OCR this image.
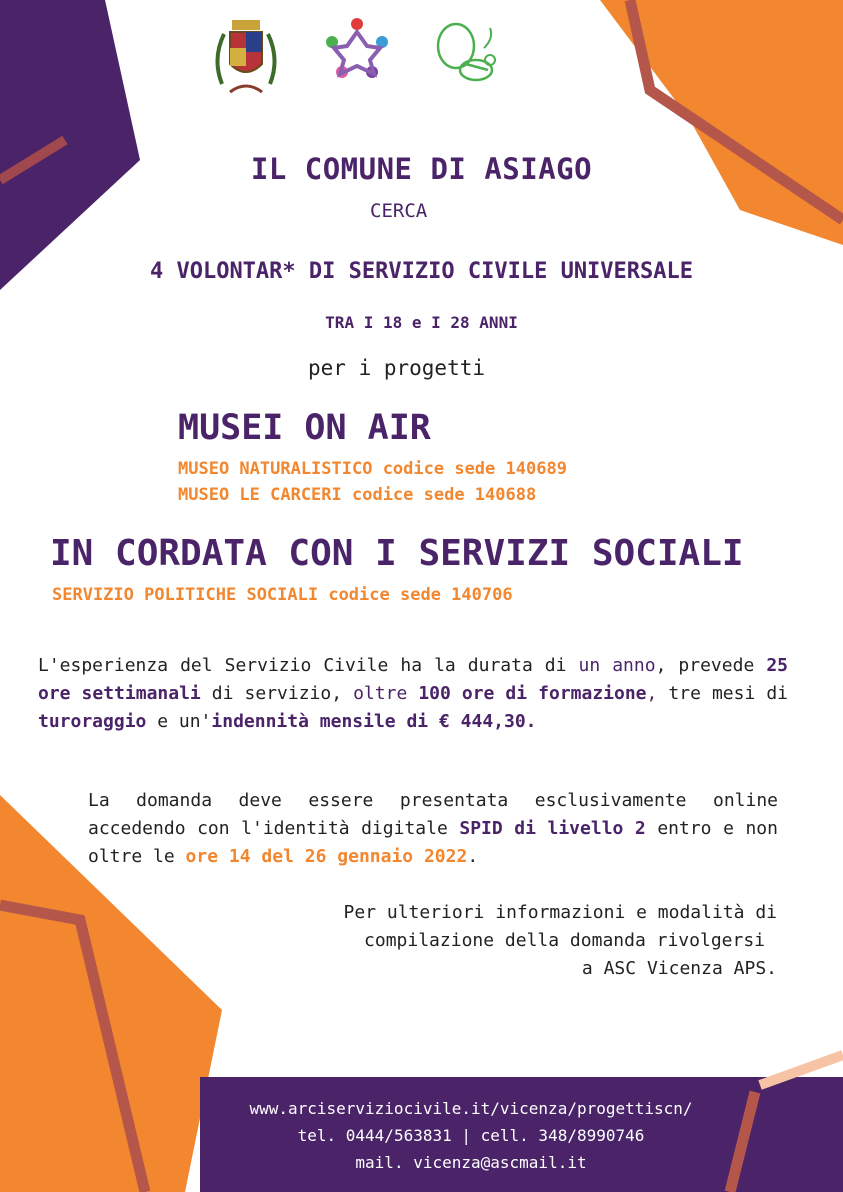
IL COMUNE DI ASIAGO
CERCA
4 VOLONTAR* DI SERVIZIO CIVILE UNIVERSALE
TRA I 18 e I 28 ANNI
per i progetti
MUSEI ON AIR
MUSEO NATURALISTICO codice sede 140689
MUSEO LE CARCERI codice sede 140688
IN CORDATA CON I SERVIZI SOCIALI
SERVIZIO POLITICHE SOCIALI codice sede 140706
L'esperienza del Servizio Civile ha la durata di un anno, prevede 25 ore settimanali di servizio, oltre 100 ore di formazione, tre mesi di turoraggio e un'indennità mensile di € 444,30.
La domanda deve essere presentata esclusivamente online accedendo con l'identità digitale SPID di livello 2 entro e non oltre le ore 14 del 26 gennaio 2022.
Per ulteriori informazioni e modalità di
compilazione della domanda rivolgersi
a ASC Vicenza APS.
www.arciserviziocivile.it/vicenza/progettiscn/
tel. 0444/563831 | cell. 348/8990746
mail. vicenza@ascmail.it
